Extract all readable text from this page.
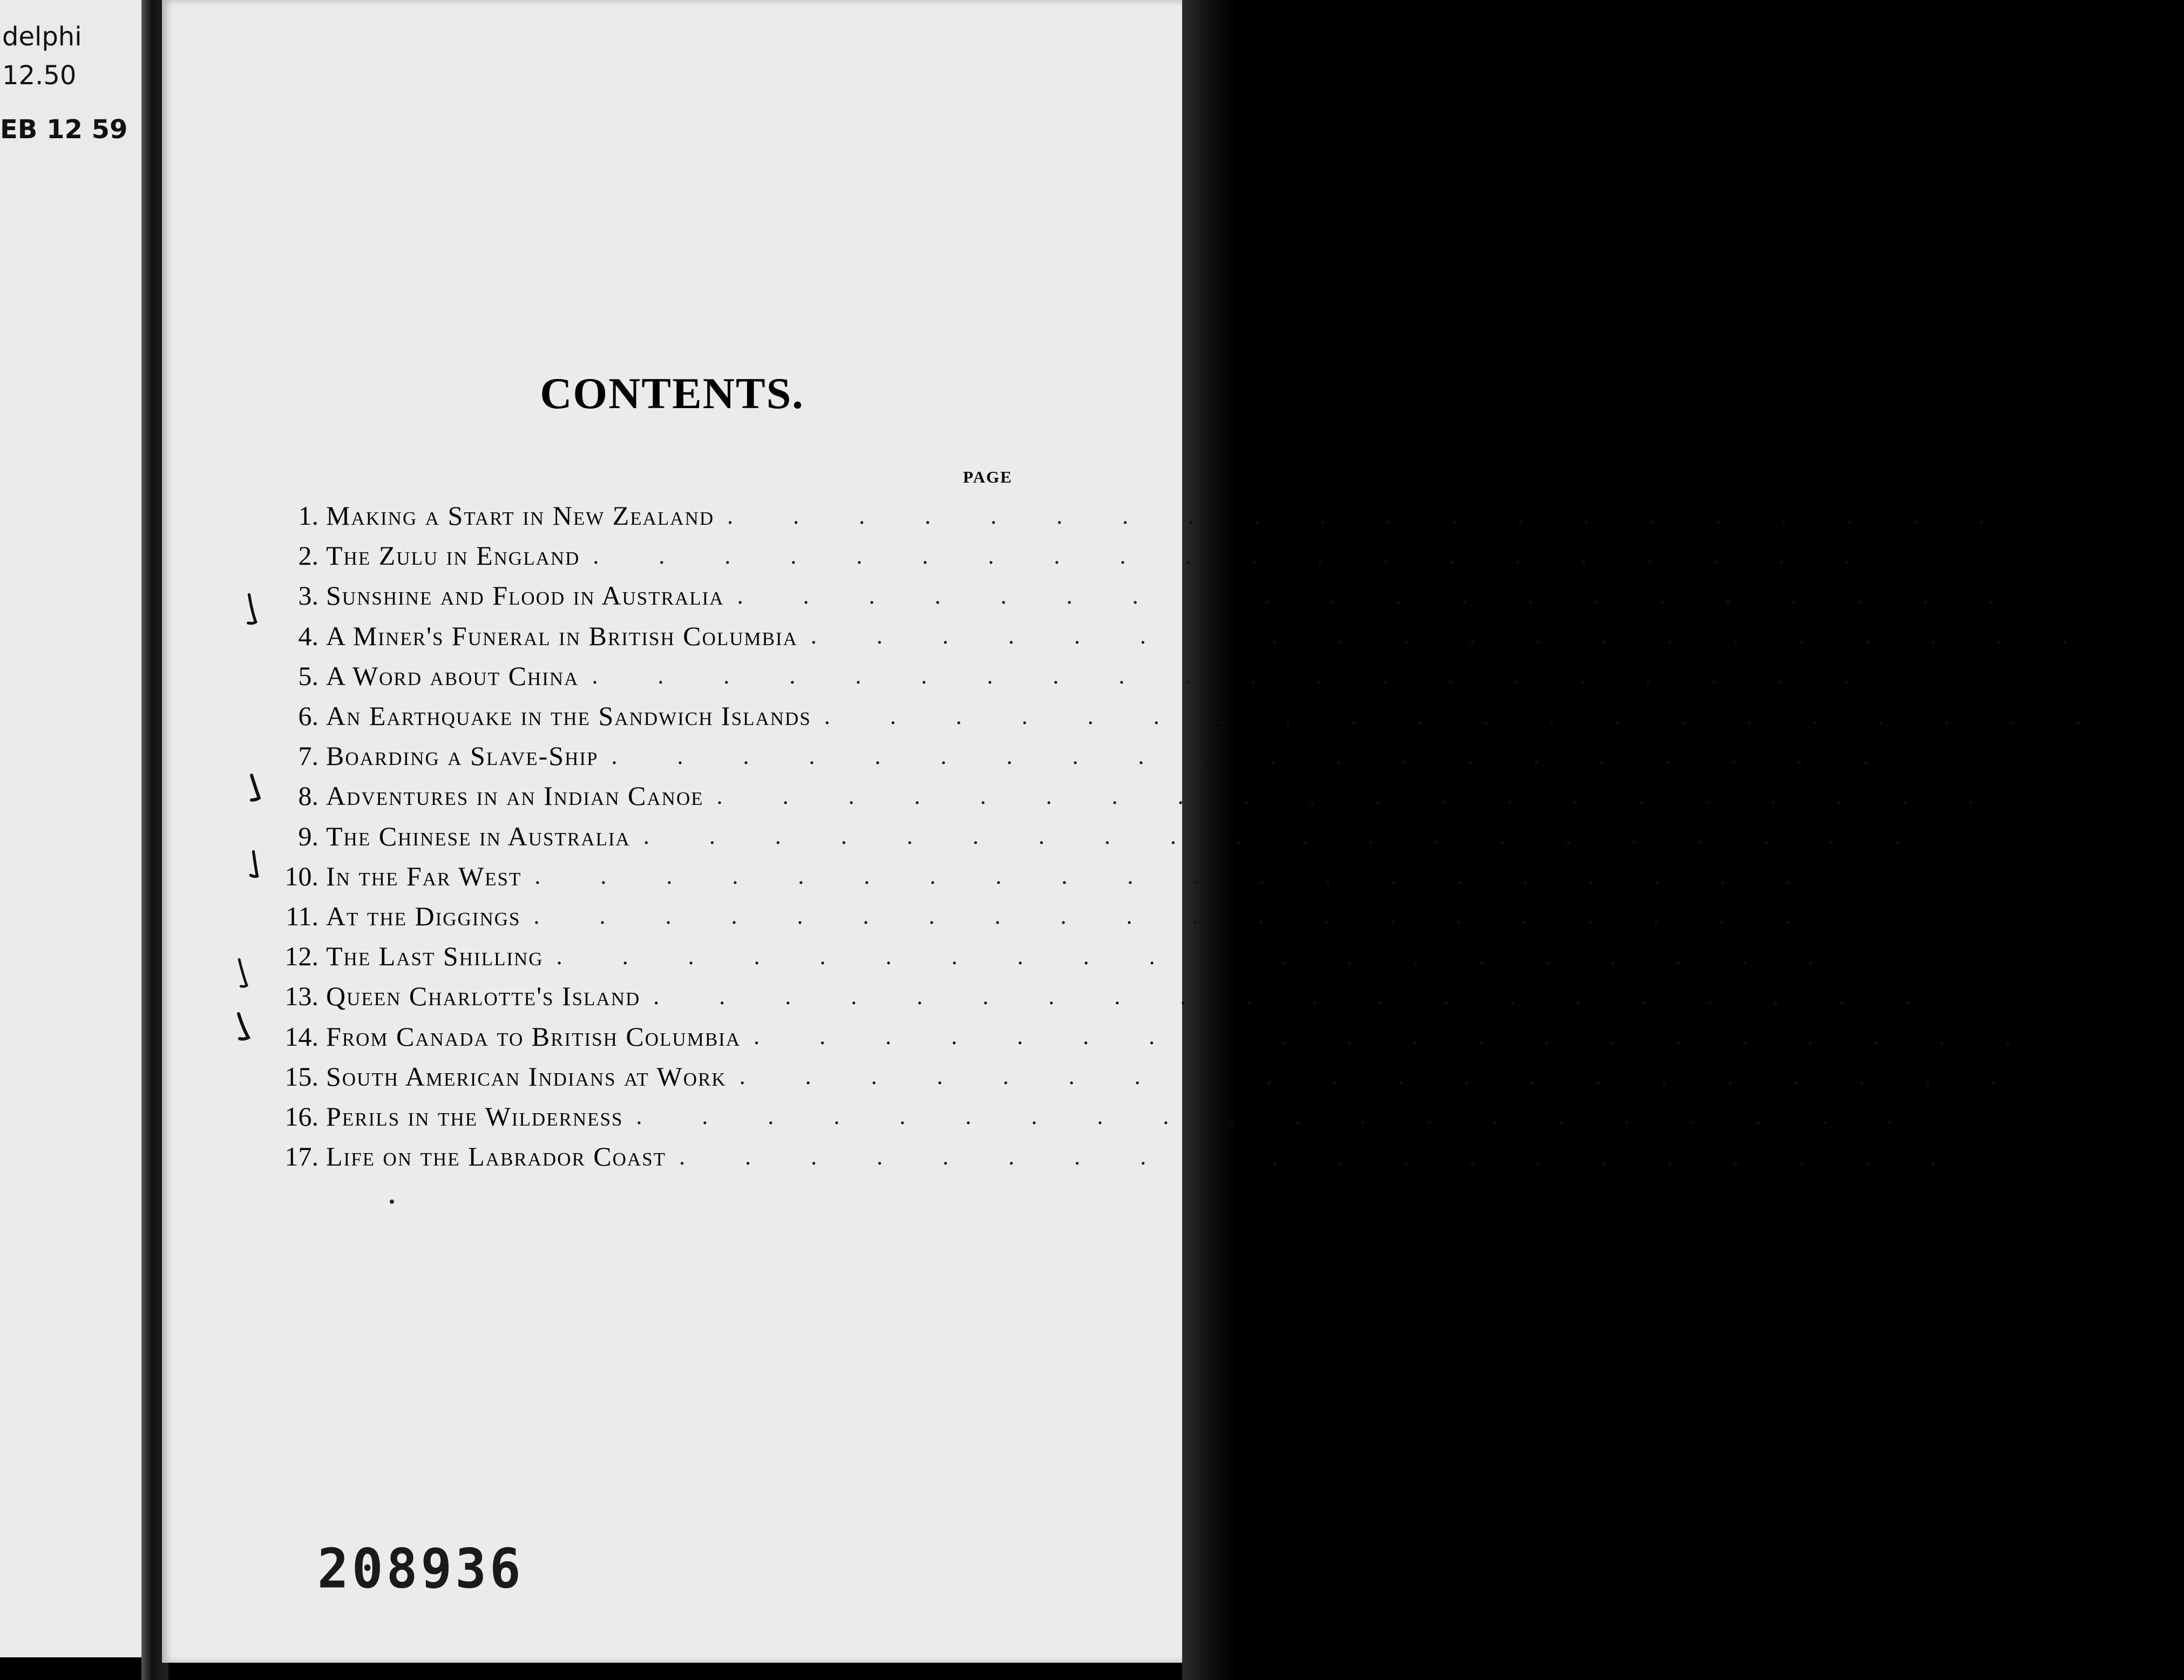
delphi
12.50
EB 12 59
CONTENTS.
PAGE
1. Making a Start in New Zealand . . . . . . . . . . . . . . . . . . . .	1
2. The Zulu in England . . . . . . . . . . . . . . . . . . . .	21
3. Sunshine and Flood in Australia . . . . . . . . . . . . . . . . . . . .	31
4. A Miner's Funeral in British Columbia . . . . . . . . . . . . . . . . . . . .	37
5. A Word about China . . . . . . . . . . . . . . . . . . . .	41
6. An Earthquake in the Sandwich Islands . . . . . . . . . . . . . . . . . . . .	48
7. Boarding a Slave-Ship . . . . . . . . . . . . . . . . . . . .	51
8. Adventures in an Indian Canoe . . . . . . . . . . . . . . . . . . . .	56
9. The Chinese in Australia . . . . . . . . . . . . . . . . . . . .	64
10. In the Far West . . . . . . . . . . . . . . . . . . . .	71
11. At the Diggings . . . . . . . . . . . . . . . . . . . .	75
12. The Last Shilling . . . . . . . . . . . . . . . . . . . .	81
13. Queen Charlotte's Island . . . . . . . . . . . . . . . . . . . .	90
14. From Canada to British Columbia . . . . . . . . . . . . . . . . . . . .	97
15. South American Indians at Work . . . . . . . . . . . . . . . . . . . .	105
16. Perils in the Wilderness . . . . . . . . . . . . . . . . . . . .	109
17. Life on the Labrador Coast . . . . . . . . . . . . . . . . . . . .	117
208936
